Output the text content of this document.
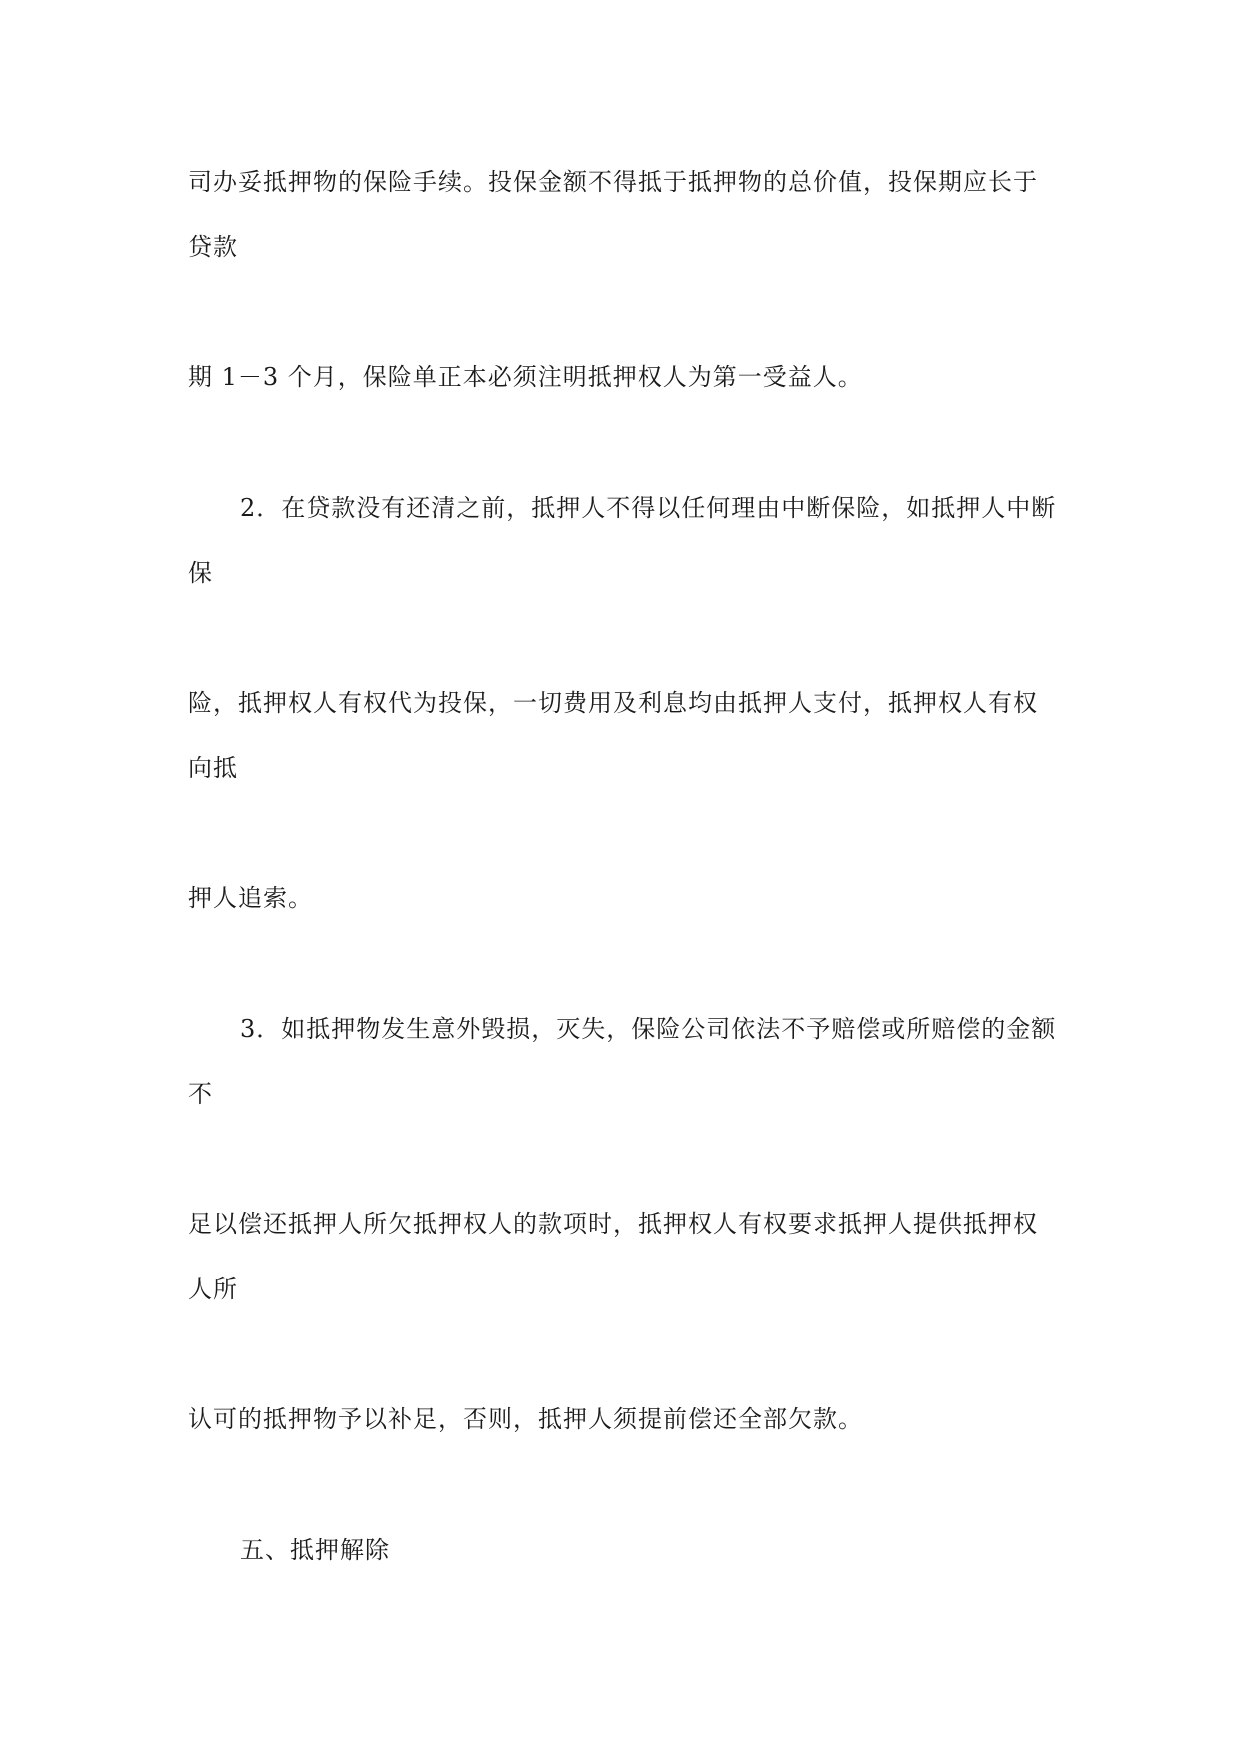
司办妥抵押物的保险手续。投保金额不得抵于抵押物的总价值，投保期应长于
贷款
期 1－3 个月，保险单正本必须注明抵押权人为第一受益人。
2．在贷款没有还清之前，抵押人不得以任何理由中断保险，如抵押人中断
保
险，抵押权人有权代为投保，一切费用及利息均由抵押人支付，抵押权人有权
向抵
押人追索。
3．如抵押物发生意外毁损，灭失，保险公司依法不予赔偿或所赔偿的金额
不
足以偿还抵押人所欠抵押权人的款项时，抵押权人有权要求抵押人提供抵押权
人所
认可的抵押物予以补足，否则，抵押人须提前偿还全部欠款。
五、抵押解除
